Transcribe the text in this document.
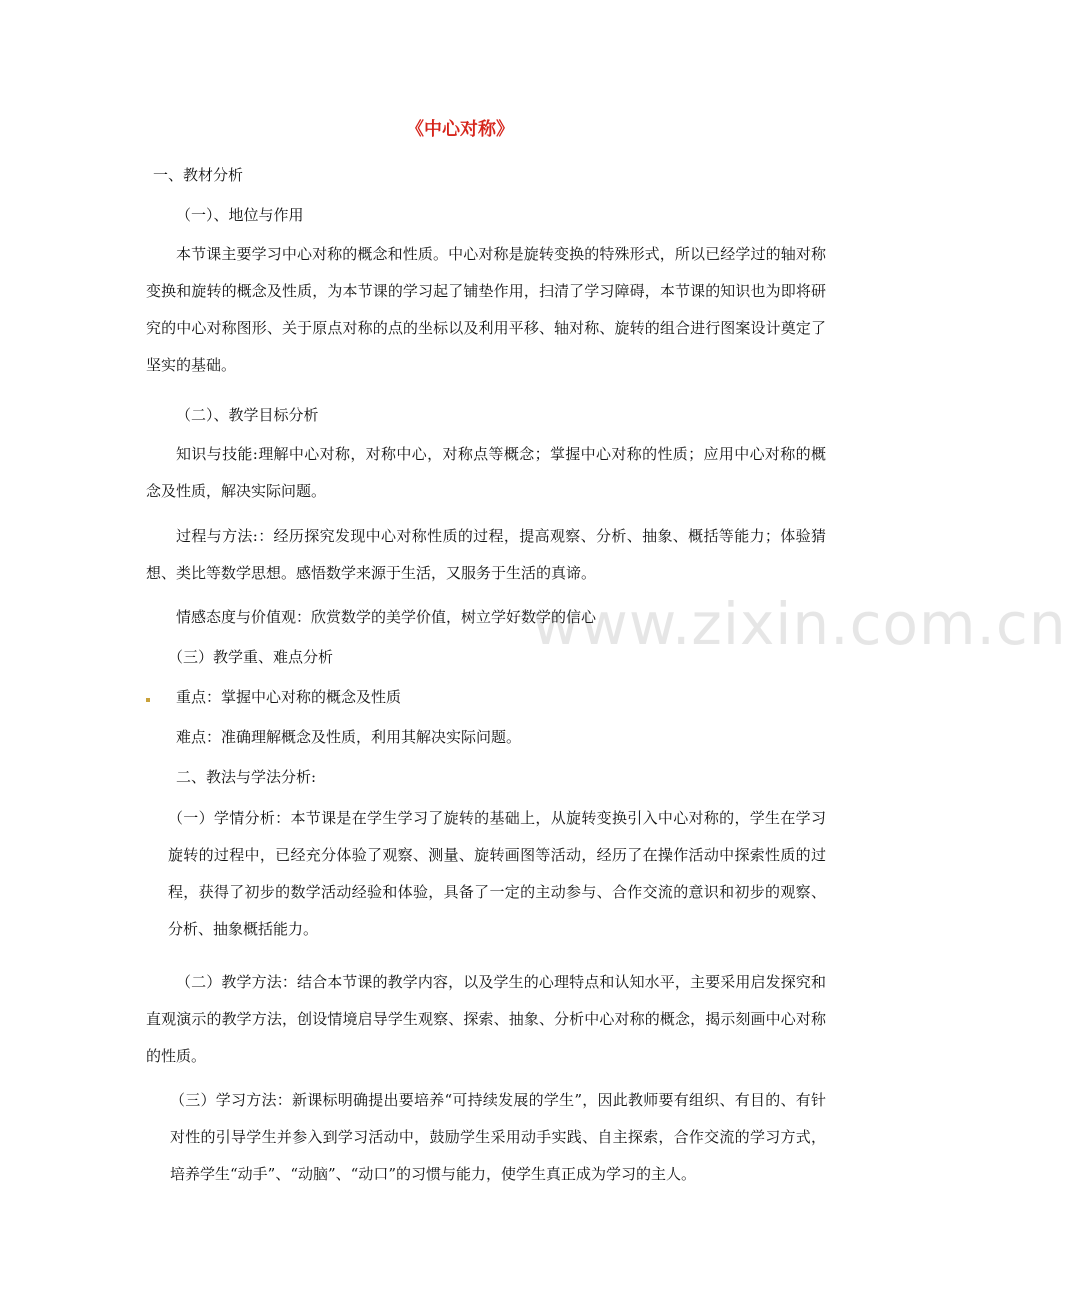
www.zixin.com.cn
《中心对称》
一、教材分析
（一）、地位与作用
本节课主要学习中心对称的概念和性质。中心对称是旋转变换的特殊形式，所以已经学过的轴对称变换和旋转的概念及性质，为本节课的学习起了铺垫作用，扫清了学习障碍，本节课的知识也为即将研究的中心对称图形、关于原点对称的点的坐标以及利用平移、轴对称、旋转的组合进行图案设计奠定了坚实的基础。
（二）、教学目标分析
知识与技能:理解中心对称，对称中心，对称点等概念；掌握中心对称的性质；应用中心对称的概念及性质，解决实际问题。
过程与方法:：经历探究发现中心对称性质的过程，提高观察、分析、抽象、概括等能力；体验猜想、类比等数学思想。感悟数学来源于生活，又服务于生活的真谛。
情感态度与价值观：欣赏数学的美学价值，树立学好数学的信心
（三）教学重、难点分析
重点：掌握中心对称的概念及性质
难点：准确理解概念及性质，利用其解决实际问题。
二、教法与学法分析:
（一）学情分析：本节课是在学生学习了旋转的基础上，从旋转变换引入中心对称的，学生在学习旋转的过程中，已经充分体验了观察、测量、旋转画图等活动，经历了在操作活动中探索性质的过程，获得了初步的数学活动经验和体验，具备了一定的主动参与、合作交流的意识和初步的观察、分析、抽象概括能力。
（二）教学方法：结合本节课的教学内容，以及学生的心理特点和认知水平，主要采用启发探究和直观演示的教学方法，创设情境启导学生观察、探索、抽象、分析中心对称的概念，揭示刻画中心对称的性质。
（三）学习方法：新课标明确提出要培养“可持续发展的学生”，因此教师要有组织、有目的、有针对性的引导学生并参入到学习活动中，鼓励学生采用动手实践、自主探索，合作交流的学习方式，培养学生“动手”、“动脑”、“动口”的习惯与能力，使学生真正成为学习的主人。
